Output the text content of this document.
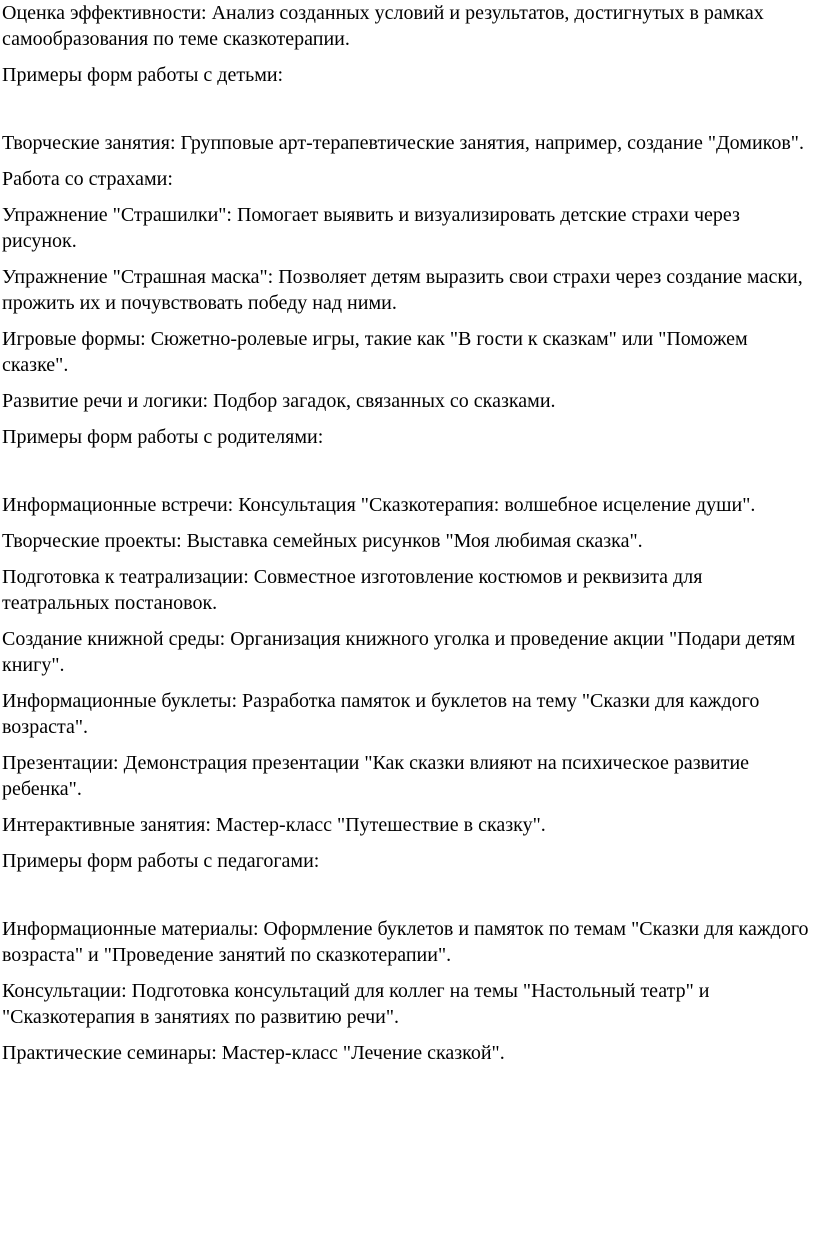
Оценка эффективности: Анализ созданных условий и результатов, достигнутых в рамках самообразования по теме сказкотерапии.

Примеры форм работы с детьми:

Творческие занятия: Групповые арт-терапевтические занятия, например, создание "Домиков".

Работа со страхами:

Упражнение "Страшилки": Помогает выявить и визуализировать детские страхи через рисунок.

Упражнение "Страшная маска": Позволяет детям выразить свои страхи через создание маски, прожить их и почувствовать победу над ними.

Игровые формы: Сюжетно-ролевые игры, такие как "В гости к сказкам" или "Поможем сказке".

Развитие речи и логики: Подбор загадок, связанных со сказками.

Примеры форм работы с родителями:

Информационные встречи: Консультация "Сказкотерапия: волшебное исцеление души".

Творческие проекты: Выставка семейных рисунков "Моя любимая сказка".

Подготовка к театрализации: Совместное изготовление костюмов и реквизита для театральных постановок.

Создание книжной среды: Организация книжного уголка и проведение акции "Подари детям книгу".

Информационные буклеты: Разработка памяток и буклетов на тему "Сказки для каждого возраста".

Презентации: Демонстрация презентации "Как сказки влияют на психическое развитие ребенка".

Интерактивные занятия: Мастер-класс "Путешествие в сказку".

Примеры форм работы с педагогами:

Информационные материалы: Оформление буклетов и памяток по темам "Сказки для каждого возраста" и "Проведение занятий по сказкотерапии".

Консультации: Подготовка консультаций для коллег на темы "Настольный театр" и "Сказкотерапия в занятиях по развитию речи".

Практические семинары: Мастер-класс "Лечение сказкой".
